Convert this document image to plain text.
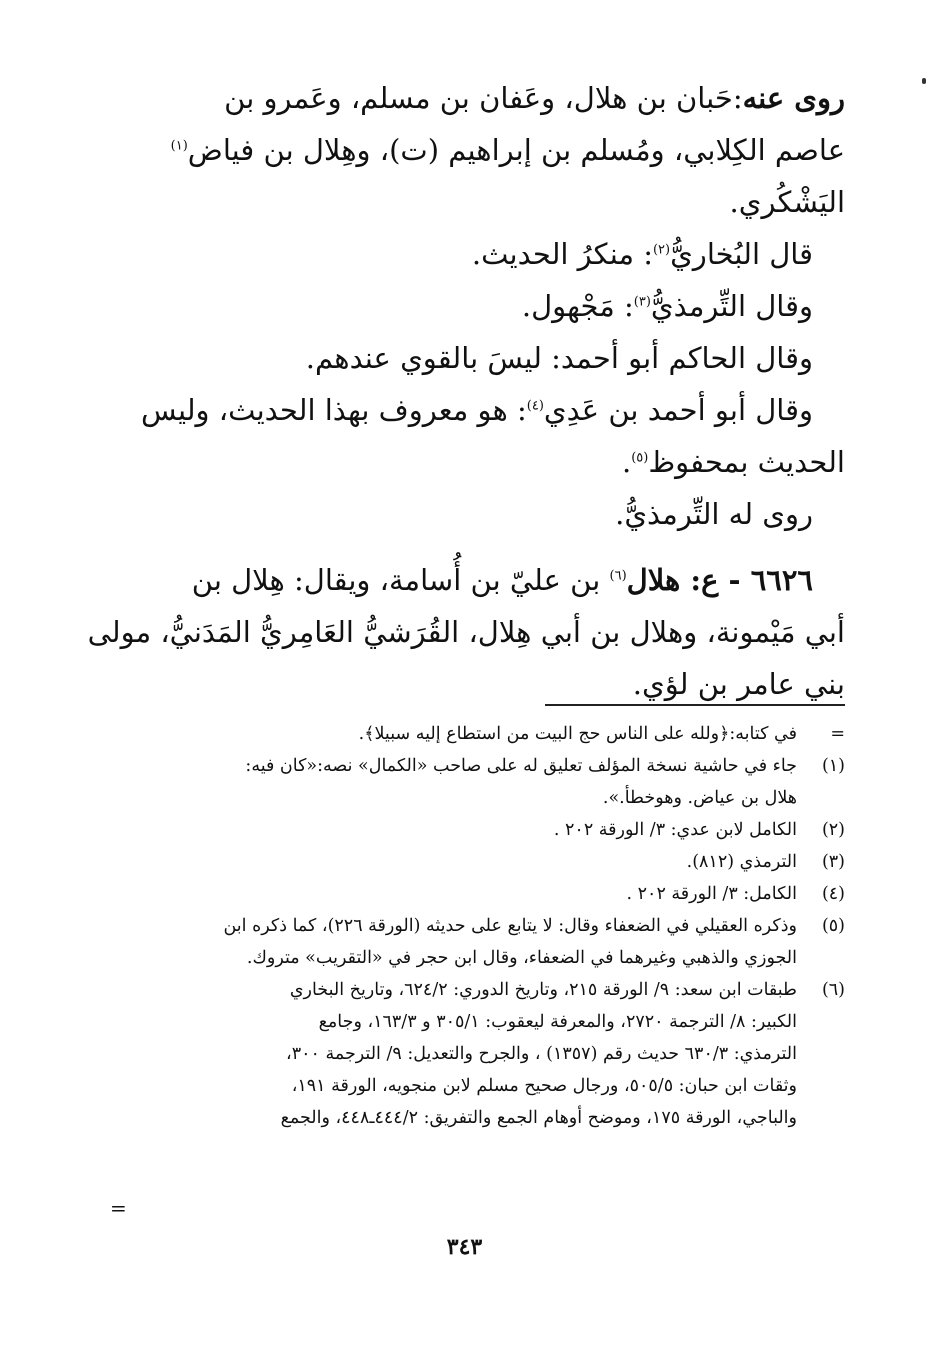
روى عنه:حَبان بن هلال، وعَفان بن مسلم، وعَمرو بن
عاصم الكِلابي، ومُسلم بن إبراهيم (ت)، وهِلال بن فياض$^{(١)}$
اليَشْكُري.
قال البُخاريُّ$^{(٢)}$: منكرُ الحديث.
وقال التِّرمذيُّ$^{(٣)}$: مَجْهول.
وقال الحاكم أبو أحمد: ليسَ بالقوي عندهم.
وقال أبو أحمد بن عَدِي$^{(٤)}$: هو معروف بهذا الحديث، وليس
الحديث بمحفوظ$^{(٥)}$.
روى له التِّرمذيُّ.
٦٦٢٦ - ع: هلال$^{(٦)}$ بن عليّ بن أُسامة، ويقال: هِلال بن
أبي مَيْمونة، وهلال بن أبي هِلال، القُرَشيُّ العَامِريُّ المَدَنيُّ، مولى
بني عامر بن لؤي.
=
في كتابه:﴿ولله على الناس حج البيت من استطاع إليه سبيلا﴾.
(١)
جاء في حاشية نسخة المؤلف تعليق له على صاحب «الكمال» نصه:«كان فيه:
هلال بن عياض. وهوخطأ.».
(٢)
الكامل لابن عدي: ٣/ الورقة ٢٠٢ .
(٣)
الترمذي (٨١٢).
(٤)
الكامل: ٣/ الورقة ٢٠٢ .
(٥)
وذكره العقيلي في الضعفاء وقال: لا يتابع على حديثه (الورقة ٢٢٦)، كما ذكره ابن
الجوزي والذهبي وغيرهما في الضعفاء، وقال ابن حجر في «التقريب» متروك.
(٦)
طبقات ابن سعد: ٩/ الورقة ٢١٥، وتاريخ الدوري: ٦٢٤/٢، وتاريخ البخاري
الكبير: ٨/ الترجمة ٢٧٢٠، والمعرفة ليعقوب: ٣٠٥/١ و ١٦٣/٣، وجامع
الترمذي: ٦٣٠/٣ حديث رقم (١٣٥٧) ، والجرح والتعديل: ٩/ الترجمة ٣٠٠،
وثقات ابن حبان: ٥٠٥/٥، ورجال صحيح مسلم لابن منجويه، الورقة ١٩١،
والباجي، الورقة ١٧٥، وموضح أوهام الجمع والتفريق: ٤٤٤/٢ـ٤٤٨، والجمع
=
٣٤٣
